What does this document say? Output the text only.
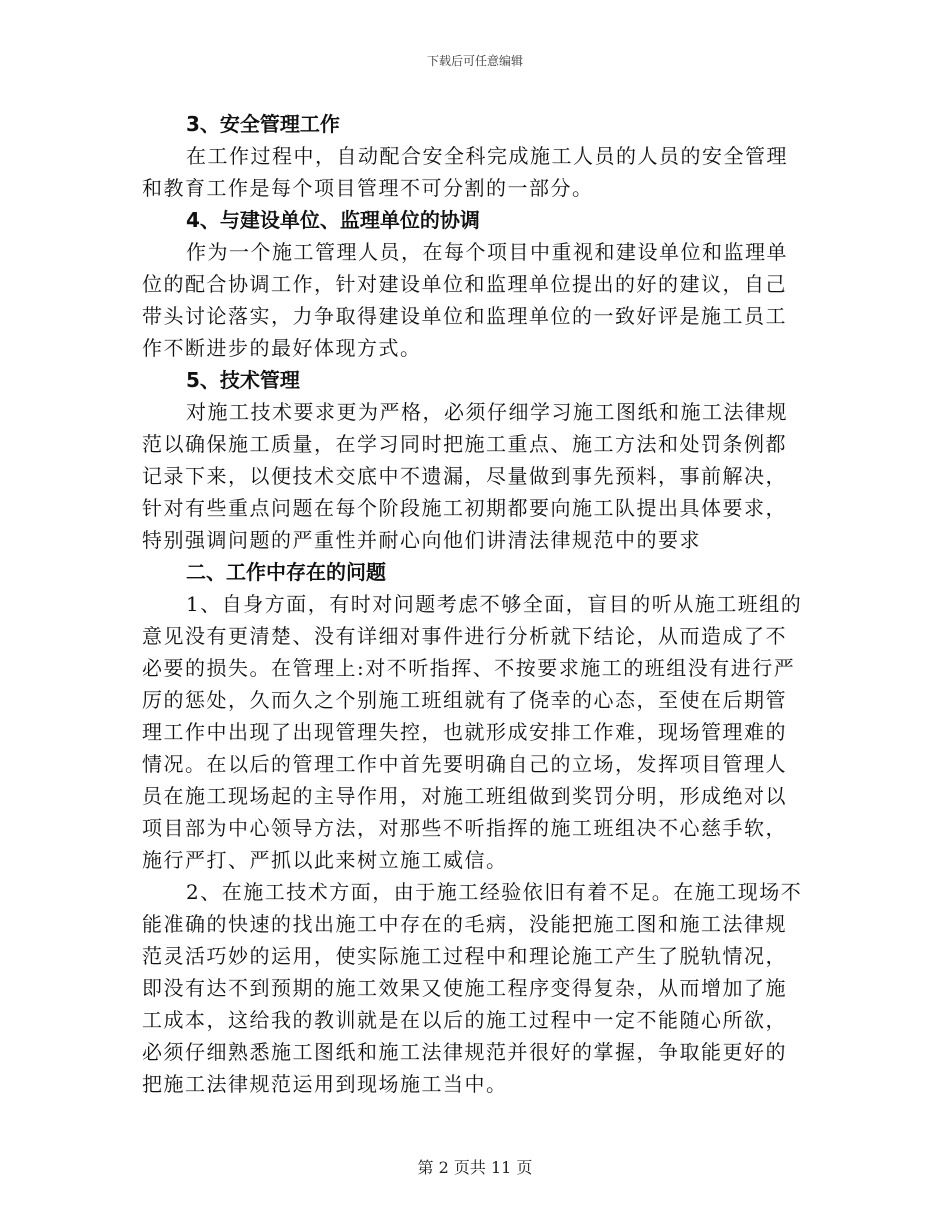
下载后可任意编辑
3、安全管理工作

在工作过程中，自动配合安全科完成施工人员的人员的安全管理
和教育工作是每个项目管理不可分割的一部分。

4、与建设单位、监理单位的协调

作为一个施工管理人员，在每个项目中重视和建设单位和监理单
位的配合协调工作，针对建设单位和监理单位提出的好的建议，自己
带头讨论落实，力争取得建设单位和监理单位的一致好评是施工员工
作不断进步的最好体现方式。

5、技术管理

对施工技术要求更为严格，必须仔细学习施工图纸和施工法律规
范以确保施工质量，在学习同时把施工重点、施工方法和处罚条例都
记录下来，以便技术交底中不遗漏，尽量做到事先预料，事前解决，
针对有些重点问题在每个阶段施工初期都要向施工队提出具体要求，
特别强调问题的严重性并耐心向他们讲清法律规范中的要求

二、工作中存在的问题

1、自身方面，有时对问题考虑不够全面，盲目的听从施工班组的
意见没有更清楚、没有详细对事件进行分析就下结论，从而造成了不
必要的损失。在管理上:对不听指挥、不按要求施工的班组没有进行严
厉的惩处，久而久之个别施工班组就有了侥幸的心态，至使在后期管
理工作中出现了出现管理失控，也就形成安排工作难，现场管理难的
情况。在以后的管理工作中首先要明确自己的立场，发挥项目管理人
员在施工现场起的主导作用，对施工班组做到奖罚分明，形成绝对以
项目部为中心领导方法，对那些不听指挥的施工班组决不心慈手软，
施行严打、严抓以此来树立施工威信。

2、在施工技术方面，由于施工经验依旧有着不足。在施工现场不
能准确的快速的找出施工中存在的毛病，没能把施工图和施工法律规
范灵活巧妙的运用，使实际施工过程中和理论施工产生了脱轨情况，
即没有达不到预期的施工效果又使施工程序变得复杂，从而增加了施
工成本，这给我的教训就是在以后的施工过程中一定不能随心所欲，
必须仔细熟悉施工图纸和施工法律规范并很好的掌握，争取能更好的
把施工法律规范运用到现场施工当中。

第 2 页共 11 页
